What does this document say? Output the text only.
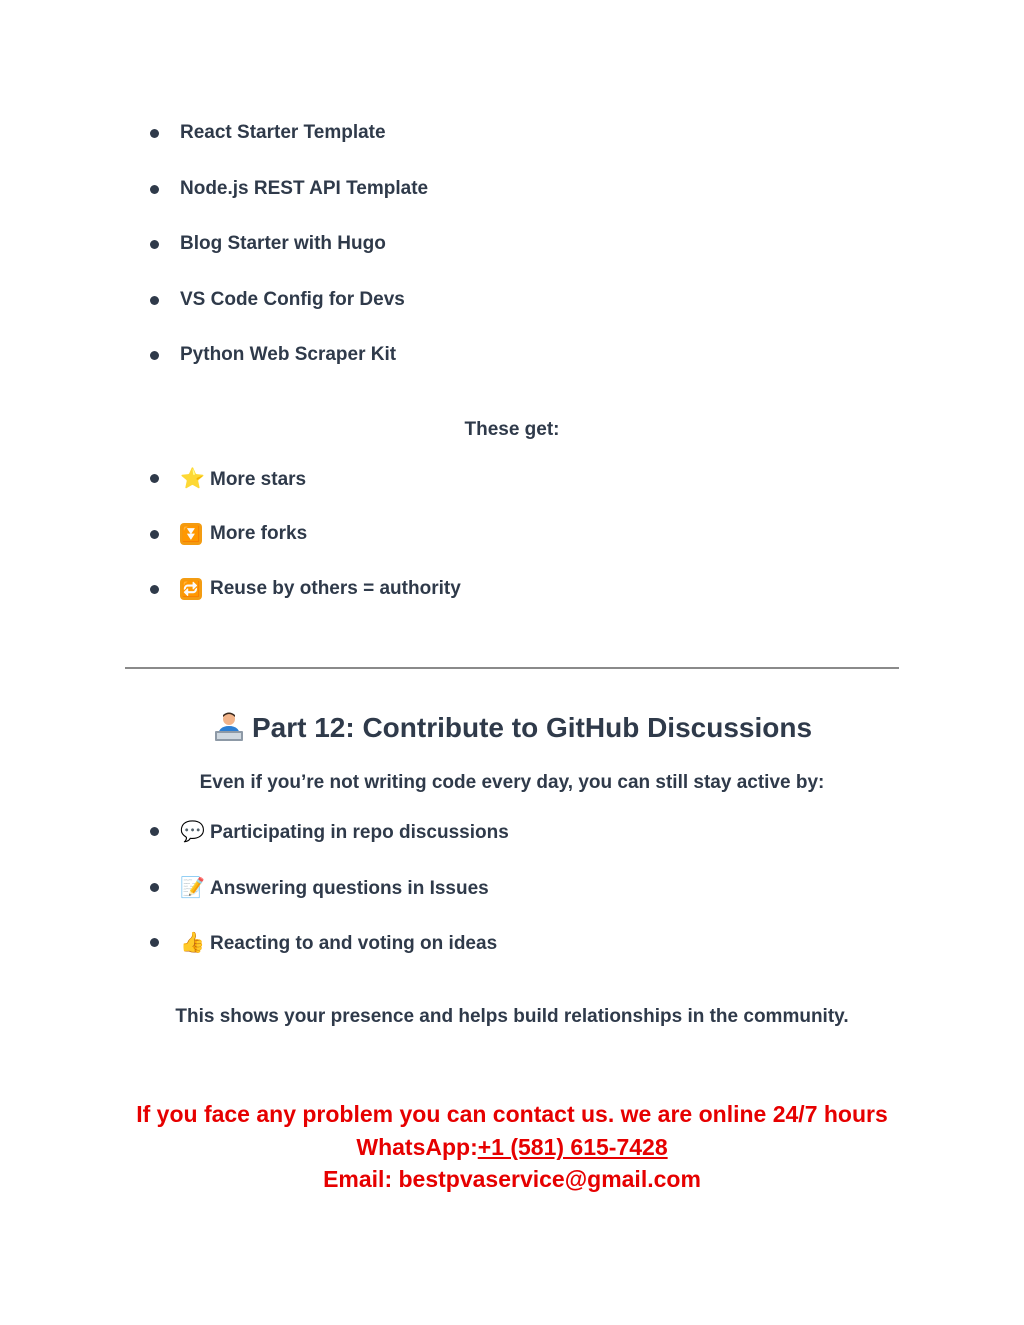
React Starter Template
Node.js REST API Template
Blog Starter with Hugo
VS Code Config for Devs
Python Web Scraper Kit
These get:
⭐ More stars
⏬ More forks
🔁 Reuse by others = authority
Part 12: Contribute to GitHub Discussions
Even if you’re not writing code every day, you can still stay active by:
💬 Participating in repo discussions
📝 Answering questions in Issues
👍 Reacting to and voting on ideas
This shows your presence and helps build relationships in the community.
If you face any problem you can contact us. we are online 24/7 hours
WhatsApp:+1 (581) 615-7428
Email: bestpvaservice@gmail.com
